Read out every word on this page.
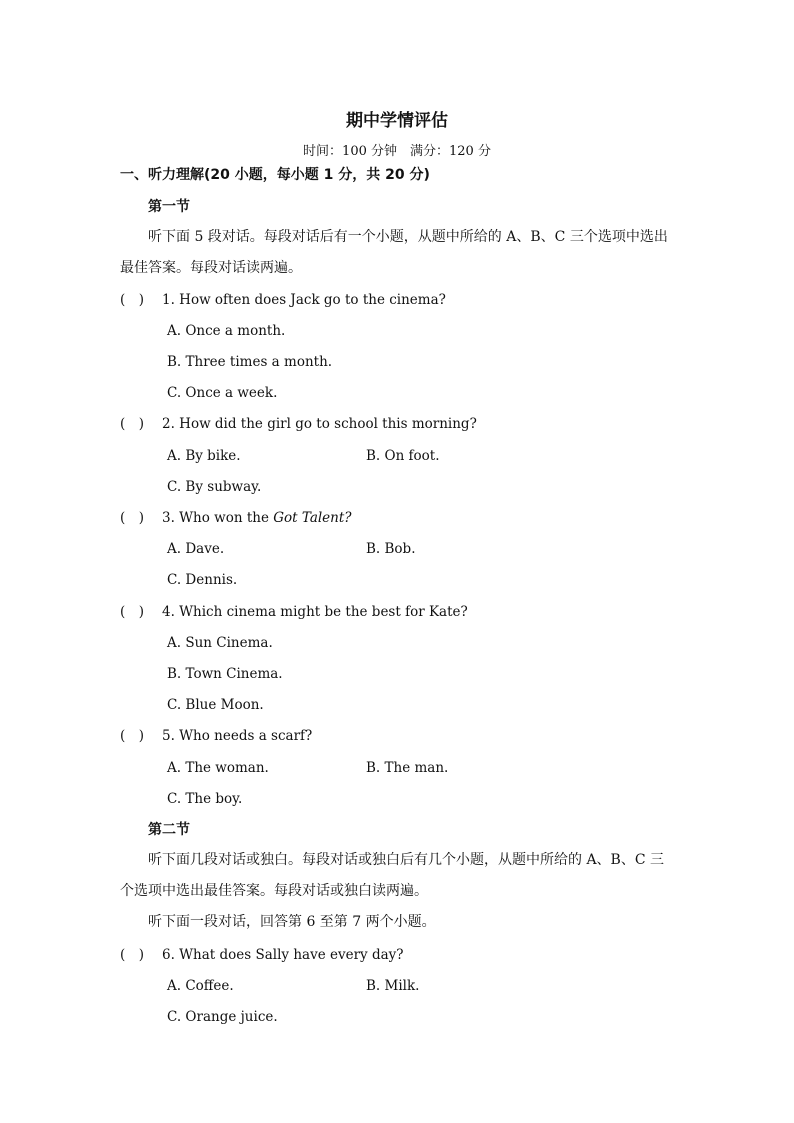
期中学情评估
时间：100 分钟　满分：120 分
一、听力理解(20 小题，每小题 1 分，共 20 分)
第一节
听下面 5 段对话。每段对话后有一个小题，从题中所给的 A、B、C 三个选项中选出最佳答案。每段对话读两遍。
(　) 1. How often does Jack go to the cinema?
A. Once a month.
B. Three times a month.
C. Once a week.
(　) 2. How did the girl go to school this morning?
A. By bike.	B. On foot.
C. By subway.
(　) 3. Who won the Got Talent?
A. Dave.	B. Bob.
C. Dennis.
(　) 4. Which cinema might be the best for Kate?
A. Sun Cinema.
B. Town Cinema.
C. Blue Moon.
(　) 5. Who needs a scarf?
A. The woman.	B. The man.
C. The boy.
第二节
听下面几段对话或独白。每段对话或独白后有几个小题，从题中所给的 A、B、C 三个选项中选出最佳答案。每段对话或独白读两遍。
听下面一段对话，回答第 6 至第 7 两个小题。
(　) 6. What does Sally have every day?
A. Coffee.	B. Milk.
C. Orange juice.
